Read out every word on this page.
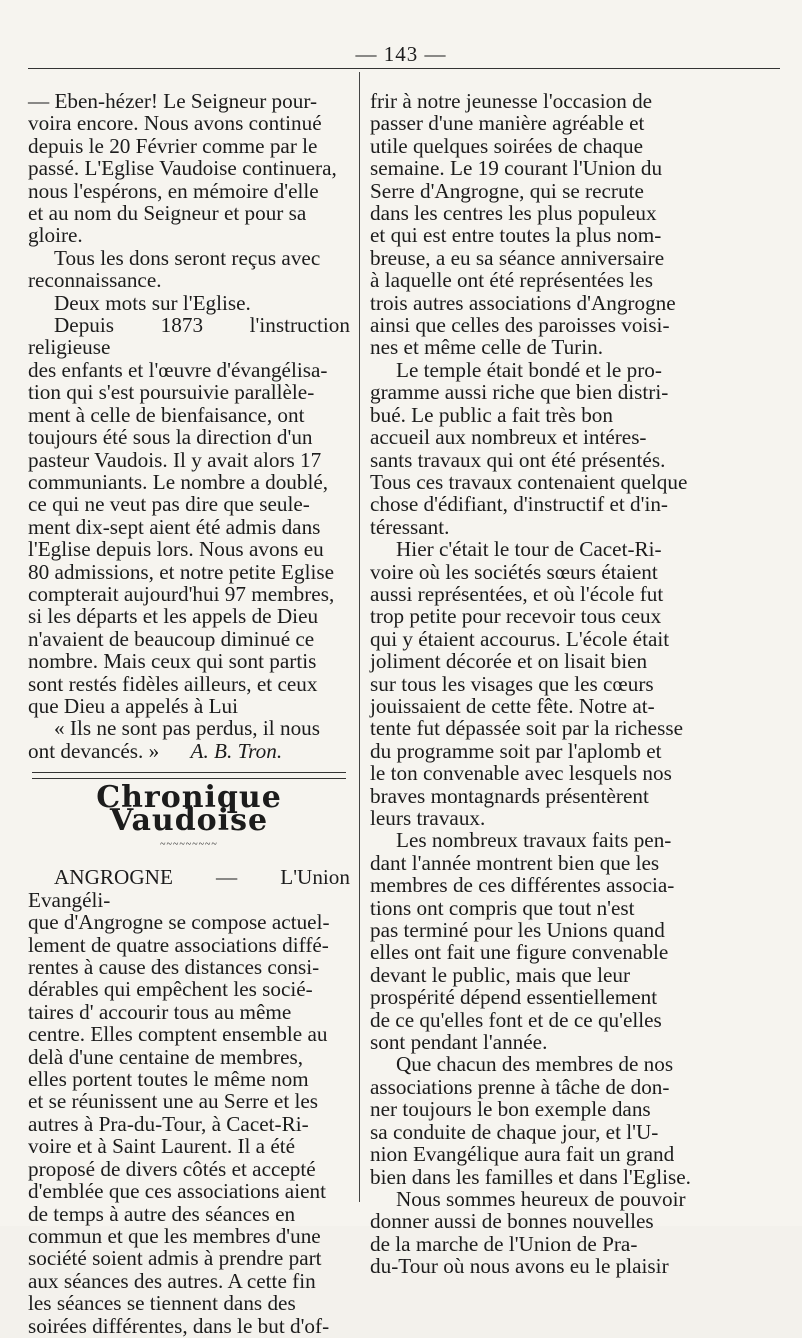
— 143 —

— Eben-hézer! Le Seigneur pour-
voira encore. Nous avons continué
depuis le 20 Février comme par le
passé. L'Eglise Vaudoise continuera,
nous l'espérons, en mémoire d'elle
et au nom du Seigneur et pour sa
gloire.

Tous les dons seront reçus avec
reconnaissance.

Deux mots sur l'Eglise.

Depuis 1873 l'instruction religieuse
des enfants et l'œuvre d'évangélisa-
tion qui s'est poursuivie parallèle-
ment à celle de bienfaisance, ont
toujours été sous la direction d'un
pasteur Vaudois. Il y avait alors 17
communiants. Le nombre a doublé,
ce qui ne veut pas dire que seule-
ment dix-sept aient été admis dans
l'Eglise depuis lors. Nous avons eu
80 admissions, et notre petite Eglise
compterait aujourd'hui 97 membres,
si les départs et les appels de Dieu
n'avaient de beaucoup diminué ce
nombre. Mais ceux qui sont partis
sont restés fidèles ailleurs, et ceux
que Dieu a appelés à Lui

« Ils ne sont pas perdus, il nous
ont devancés. » A. B. Tron.

Chronique Vaudoise
~~~~~~~~~

ANGROGNE — L'Union Evangéli-
que d'Angrogne se compose actuel-
lement de quatre associations diffé-
rentes à cause des distances consi-
dérables qui empêchent les socié-
taires d' accourir tous au même
centre. Elles comptent ensemble au
delà d'une centaine de membres,
elles portent toutes le même nom
et se réunissent une au Serre et les
autres à Pra-du-Tour, à Cacet-Ri-
voire et à Saint Laurent. Il a été
proposé de divers côtés et accepté
d'emblée que ces associations aient
de temps à autre des séances en
commun et que les membres d'une
société soient admis à prendre part
aux séances des autres. A cette fin
les séances se tiennent dans des
soirées différentes, dans le but d'of-

frir à notre jeunesse l'occasion de
passer d'une manière agréable et
utile quelques soirées de chaque
semaine. Le 19 courant l'Union du
Serre d'Angrogne, qui se recrute
dans les centres les plus populeux
et qui est entre toutes la plus nom-
breuse, a eu sa séance anniversaire
à laquelle ont été représentées les
trois autres associations d'Angrogne
ainsi que celles des paroisses voisi-
nes et même celle de Turin.

Le temple était bondé et le pro-
gramme aussi riche que bien distri-
bué. Le public a fait très bon
accueil aux nombreux et intéres-
sants travaux qui ont été présentés.
Tous ces travaux contenaient quelque
chose d'édifiant, d'instructif et d'in-
téressant.

Hier c'était le tour de Cacet-Ri-
voire où les sociétés sœurs étaient
aussi représentées, et où l'école fut
trop petite pour recevoir tous ceux
qui y étaient accourus. L'école était
joliment décorée et on lisait bien
sur tous les visages que les cœurs
jouissaient de cette fête. Notre at-
tente fut dépassée soit par la richesse
du programme soit par l'aplomb et
le ton convenable avec lesquels nos
braves montagnards présentèrent
leurs travaux.

Les nombreux travaux faits pen-
dant l'année montrent bien que les
membres de ces différentes associa-
tions ont compris que tout n'est
pas terminé pour les Unions quand
elles ont fait une figure convenable
devant le public, mais que leur
prospérité dépend essentiellement
de ce qu'elles font et de ce qu'elles
sont pendant l'année.

Que chacun des membres de nos
associations prenne à tâche de don-
ner toujours le bon exemple dans
sa conduite de chaque jour, et l'U-
nion Evangélique aura fait un grand
bien dans les familles et dans l'Eglise.

Nous sommes heureux de pouvoir
donner aussi de bonnes nouvelles
de la marche de l'Union de Pra-
du-Tour où nous avons eu le plaisir
